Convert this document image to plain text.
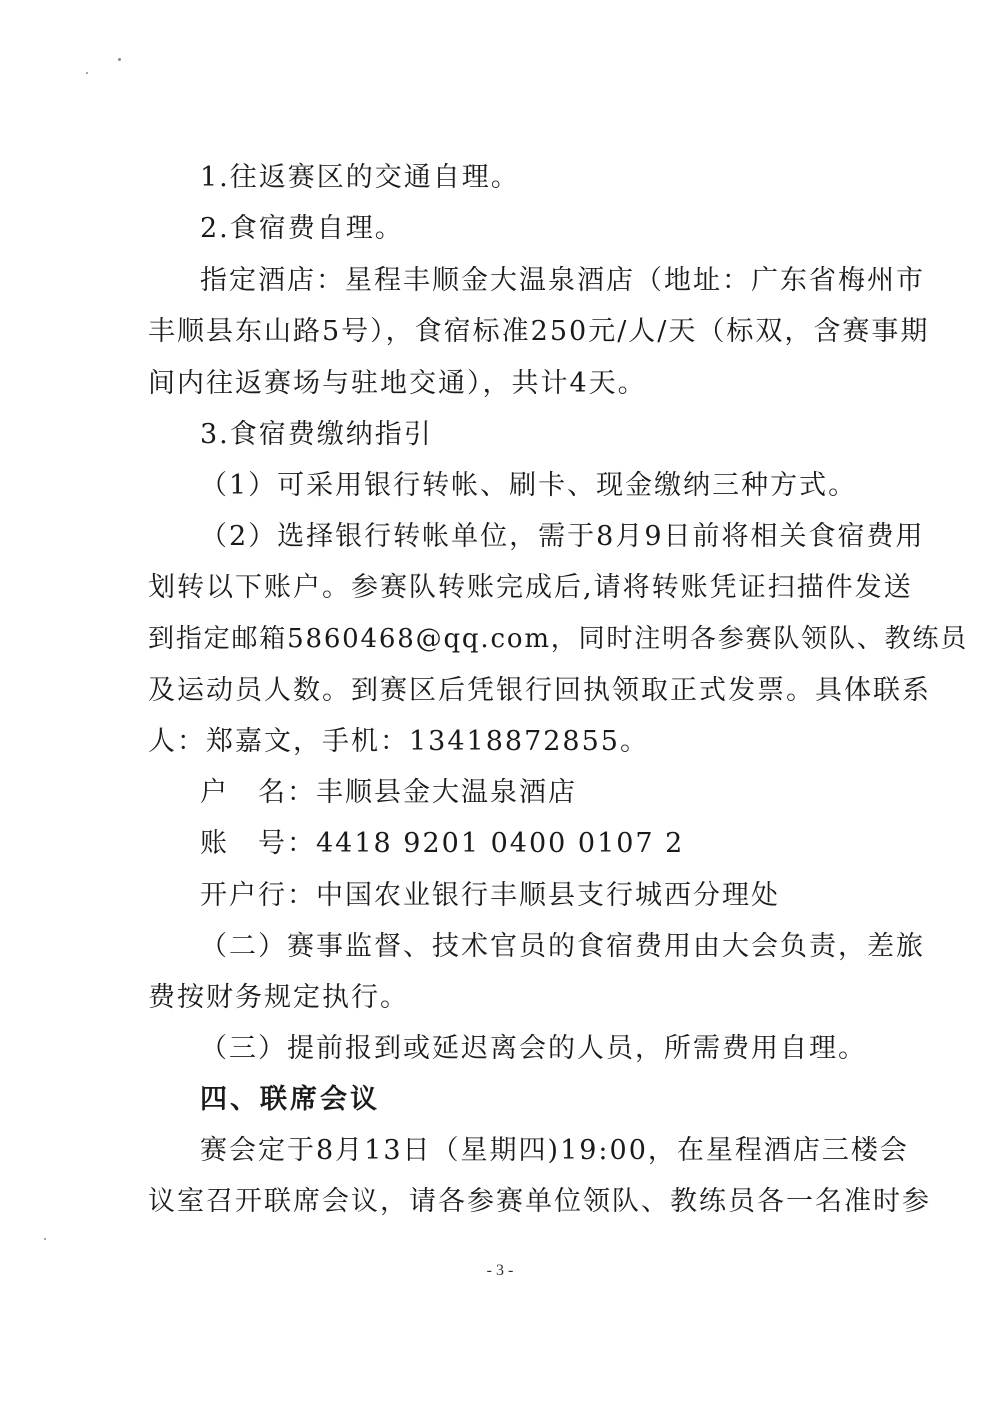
1.往返赛区的交通自理。
2.食宿费自理。
指定酒店：星程丰顺金大温泉酒店（地址：广东省梅州市
丰顺县东山路5号），食宿标准250元/人/天（标双，含赛事期
间内往返赛场与驻地交通），共计4天。
3.食宿费缴纳指引
（1）可采用银行转帐、刷卡、现金缴纳三种方式。
（2）选择银行转帐单位，需于8月9日前将相关食宿费用
划转以下账户。参赛队转账完成后,请将转账凭证扫描件发送
到指定邮箱5860468@qq.com，同时注明各参赛队领队、教练员
及运动员人数。到赛区后凭银行回执领取正式发票。具体联系
人：郑嘉文，手机：13418872855。
户　名：丰顺县金大温泉酒店
账　号：4418 9201 0400 0107 2
开户行：中国农业银行丰顺县支行城西分理处
（二）赛事监督、技术官员的食宿费用由大会负责，差旅
费按财务规定执行。
（三）提前报到或延迟离会的人员，所需费用自理。
四、联席会议
赛会定于8月13日（星期四)19:00，在星程酒店三楼会
议室召开联席会议，请各参赛单位领队、教练员各一名准时参
- 3 -
